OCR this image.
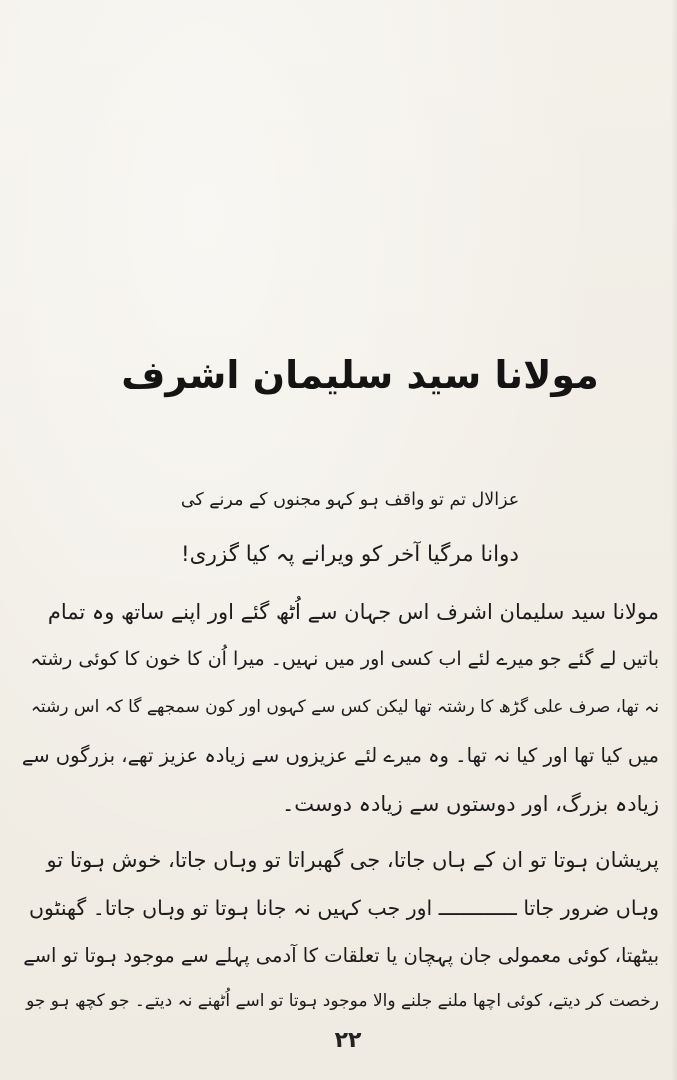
مولانا سید سلیمان اشرف
عزالال تم تو واقف ہو کہو مجنوں کے مرنے کی
دوانا مرگیا آخر کو ویرانے پہ کیا گزری!
مولانا سید سلیمان اشرف اس جہان سے اُٹھ گئے اور اپنے ساتھ وہ تمام
باتیں لے گئے جو میرے لئے اب کسی اور میں نہیں۔ میرا اُن کا خون کا کوئی رشتہ
نہ تھا، صرف علی گڑھ کا رشتہ تھا لیکن کس سے کہوں اور کون سمجھے گا کہ اس رشتہ
میں کیا تھا اور کیا نہ تھا۔ وہ میرے لئے عزیزوں سے زیادہ عزیز تھے، بزرگوں سے
زیادہ بزرگ، اور دوستوں سے زیادہ دوست۔
پریشان ہوتا تو ان کے ہاں جاتا، جی گھبراتا تو وہاں جاتا، خوش ہوتا تو
وہاں ضرور جاتا ـــــــــــــ اور جب کہیں نہ جانا ہوتا تو وہاں جاتا۔ گھنٹوں
بیٹھتا، کوئی معمولی جان پہچان یا تعلقات کا آدمی پہلے سے موجود ہوتا تو اسے
رخصت کر دیتے، کوئی اچھا ملنے جلنے والا موجود ہوتا تو اسے اُٹھنے نہ دیتے۔ جو کچھ ہو جو
۲۲
